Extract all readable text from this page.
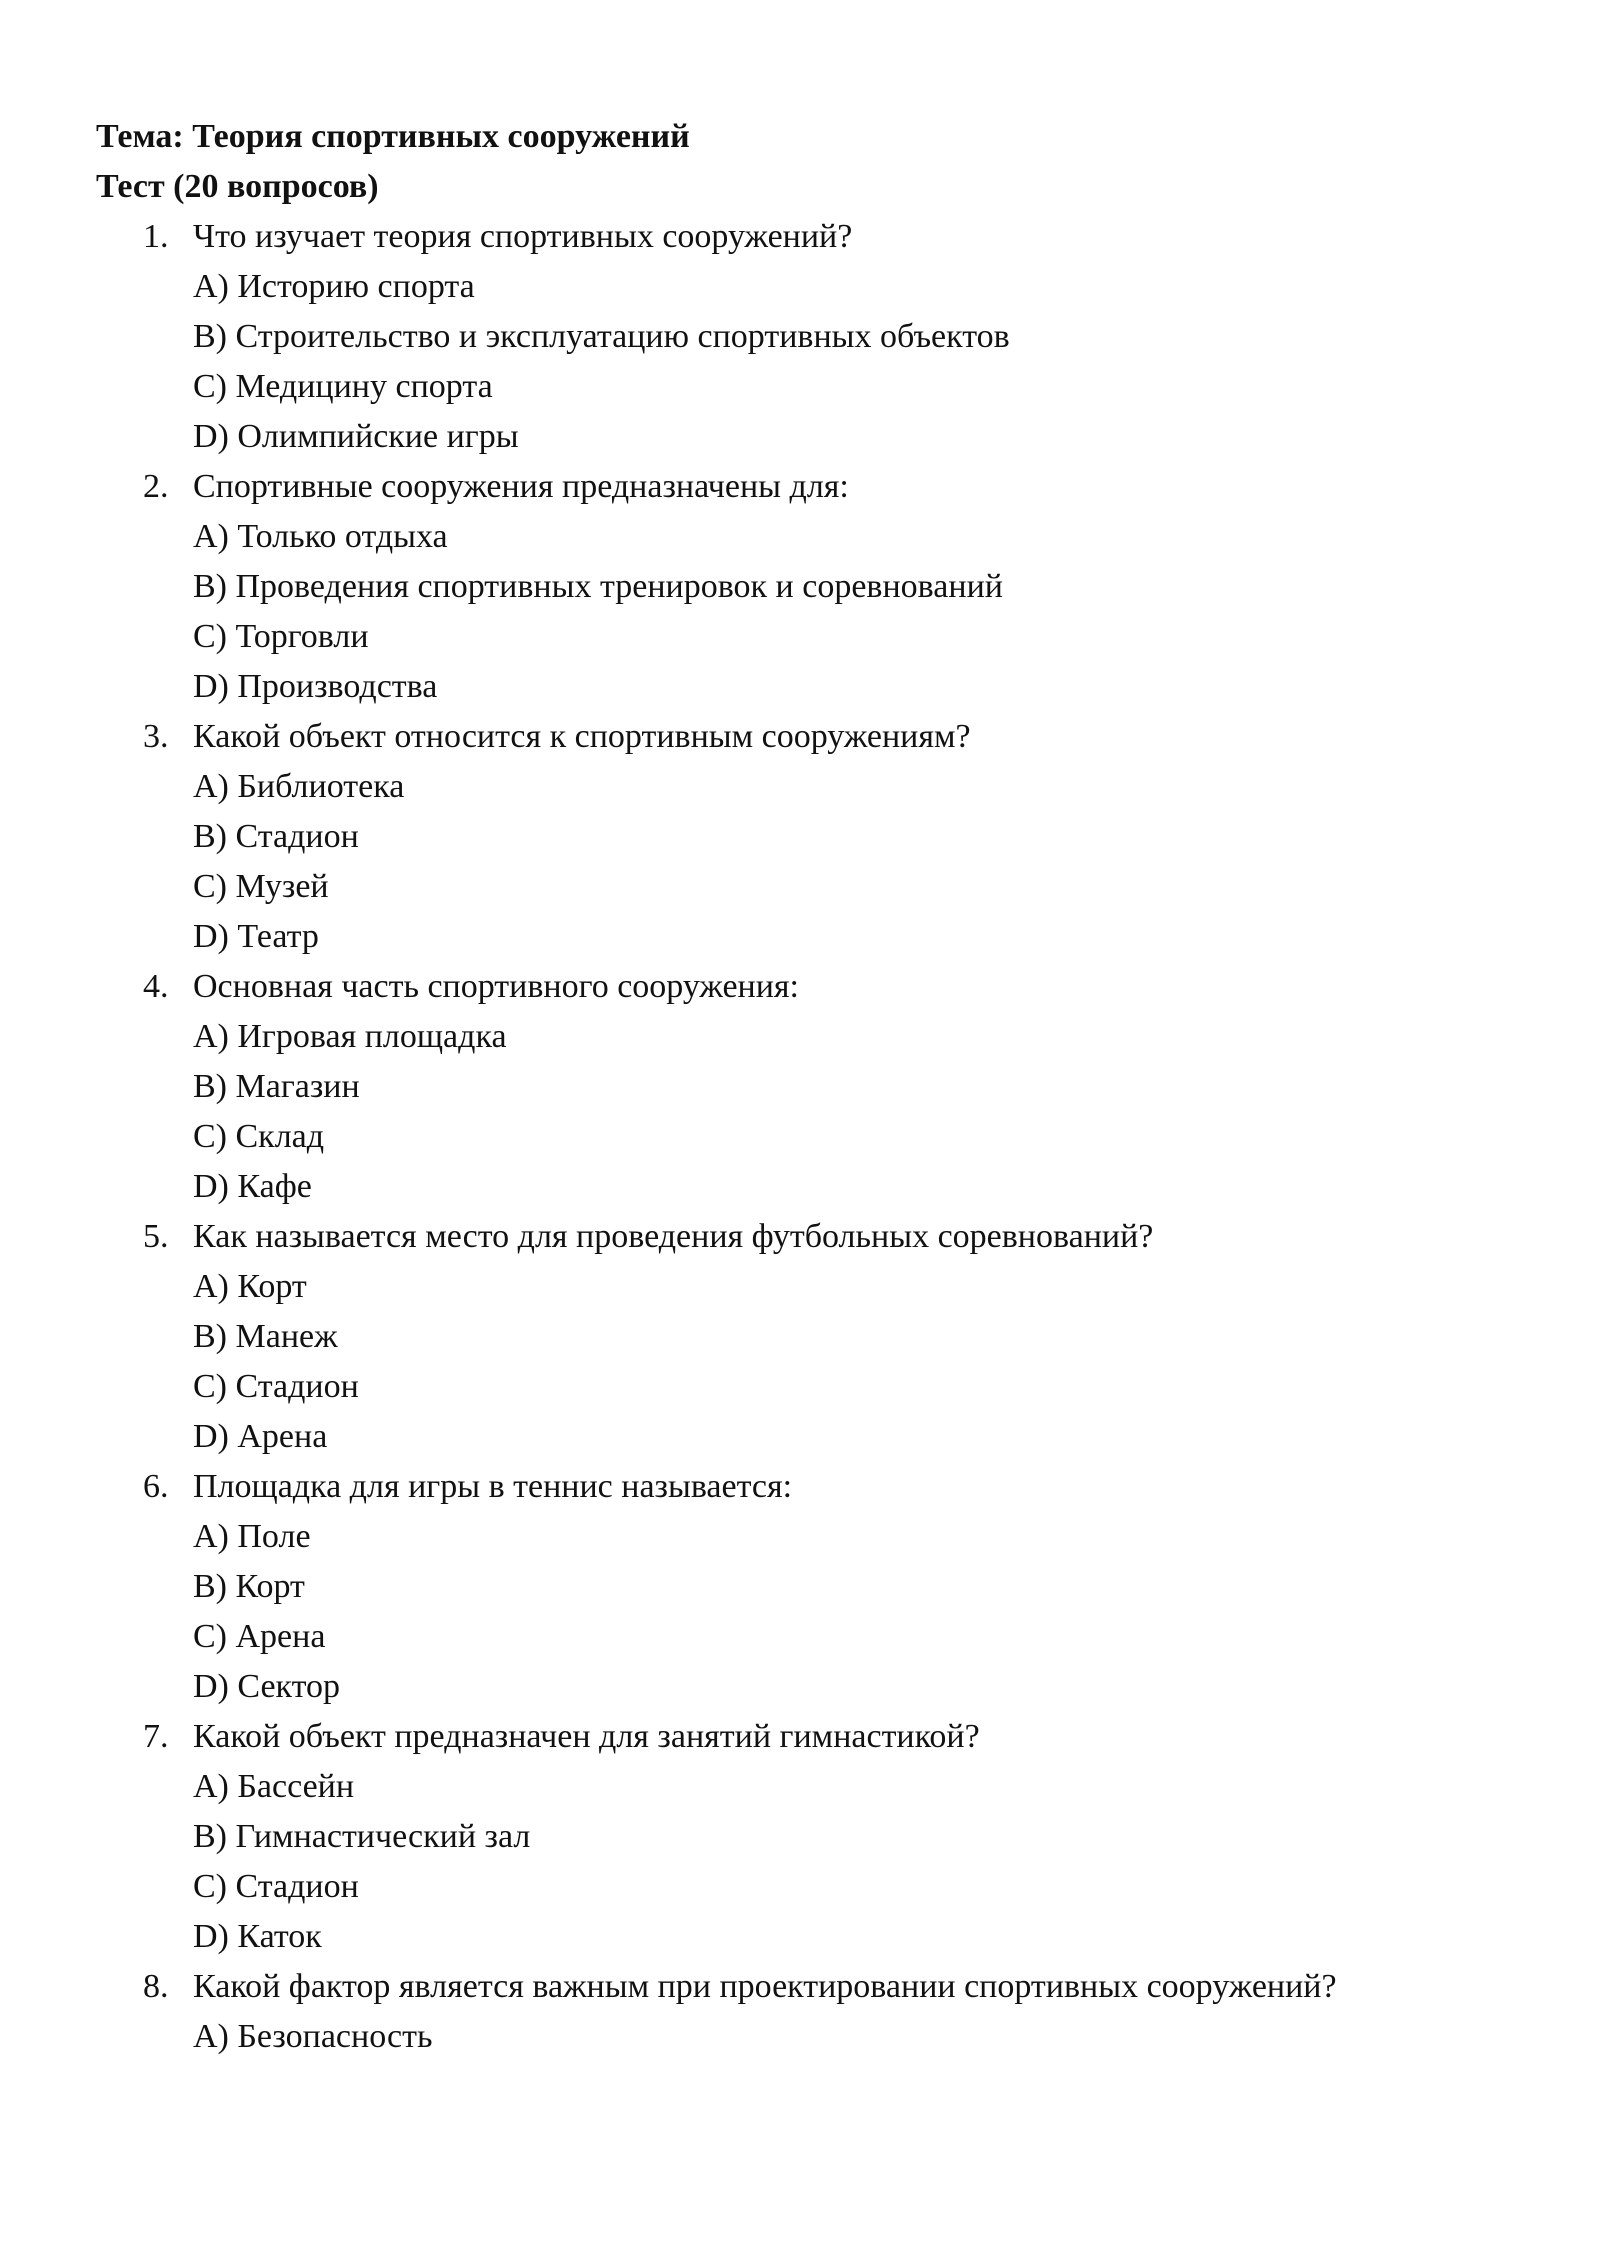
Тема: Теория спортивных сооружений
Тест (20 вопросов)
1. Что изучает теория спортивных сооружений?
A) Историю спорта
B) Строительство и эксплуатацию спортивных объектов
C) Медицину спорта
D) Олимпийские игры
2. Спортивные сооружения предназначены для:
A) Только отдыха
B) Проведения спортивных тренировок и соревнований
C) Торговли
D) Производства
3. Какой объект относится к спортивным сооружениям?
A) Библиотека
B) Стадион
C) Музей
D) Театр
4. Основная часть спортивного сооружения:
A) Игровая площадка
B) Магазин
C) Склад
D) Кафе
5. Как называется место для проведения футбольных соревнований?
A) Корт
B) Манеж
C) Стадион
D) Арена
6. Площадка для игры в теннис называется:
A) Поле
B) Корт
C) Арена
D) Сектор
7. Какой объект предназначен для занятий гимнастикой?
A) Бассейн
B) Гимнастический зал
C) Стадион
D) Каток
8. Какой фактор является важным при проектировании спортивных сооружений?
A) Безопасность
